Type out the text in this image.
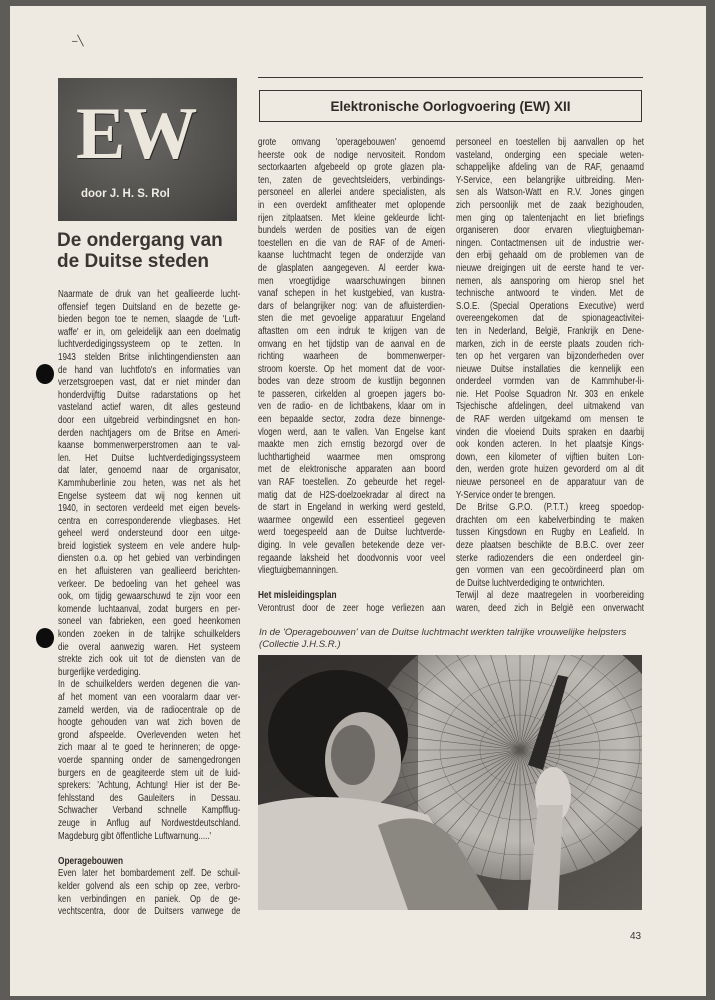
‒╲
EW
door J. H. S. Rol
De ondergang van
de Duitse steden
Elektronische Oorlogvoering (EW) XII
Naarmate de druk van het geallieerde lucht-
offensief tegen Duitsland en de bezette ge-
bieden begon toe te nemen, slaagde de 'Luft-
waffe' er in, om geleidelijk aan een doelmatig
luchtverdedigingssysteem op te zetten. In
1943 stelden Britse inlichtingendiensten aan
de hand van luchtfoto's en informaties van
verzetsgroepen vast, dat er niet minder dan
honderdvijftig Duitse radarstations op het
vasteland actief waren, dit alles gesteund
door een uitgebreid verbindingsnet en hon-
derden nachtjagers om de Britse en Ameri-
kaanse bommenwerperstromen aan te val-
len. Het Duitse luchtverdedigingssysteem
dat later, genoemd naar de organisator,
Kammhuberlinie zou heten, was net als het
Engelse systeem dat wij nog kennen uit
1940, in sectoren verdeeld met eigen bevels-
centra en corresponderende vliegbases. Het
geheel werd ondersteund door een uitge-
breid logistiek systeem en vele andere hulp-
diensten o.a. op het gebied van verbindingen
en het afluisteren van geallieerd berichten-
verkeer. De bedoeling van het geheel was
ook, om tijdig gewaarschuwd te zijn voor een
komende luchtaanval, zodat burgers en per-
soneel van fabrieken, een goed heenkomen
konden zoeken in de talrijke schuilkelders
die overal aanwezig waren. Het systeem
strekte zich ook uit tot de diensten van de
burgerlijke verdediging.
In de schuilkelders werden degenen die van-
af het moment van een vooralarm daar ver-
zameld werden, via de radiocentrale op de
hoogte gehouden van wat zich boven de
grond afspeelde. Overlevenden weten het
zich maar al te goed te herinneren; de opge-
voerde spanning onder de samengedrongen
burgers en de geagiteerde stem uit de luid-
sprekers: 'Achtung, Achtung! Hier ist der Be-
fehlsstand des Gauleiters in Dessau.
Schwacher Verband schnelle Kampfflug-
zeuge in Anflug auf Nordwestdeutschland.
Magdeburg gibt öffentliche Luftwarnung.....'
Operagebouwen
Even later het bombardement zelf. De schuil-
kelder golvend als een schip op zee, verbro-
ken verbindingen en paniek. Op de ge-
vechtscentra, door de Duitsers vanwege de
grote omvang 'operagebouwen' genoemd
heerste ook de nodige nervositeit. Rondom
sectorkaarten afgebeeld op grote glazen pla-
ten, zaten de gevechtsleiders, verbindings-
personeel en allerlei andere specialisten, als
in een overdekt amfitheater met oplopende
rijen zitplaatsen. Met kleine gekleurde licht-
bundels werden de posities van de eigen
toestellen en die van de RAF of de Ameri-
kaanse luchtmacht tegen de onderzijde van
de glasplaten aangegeven. Al eerder kwa-
men vroegtijdige waarschuwingen binnen
vanaf schepen in het kustgebied, van kustra-
dars of belangrijker nog: van de afluisterdien-
sten die met gevoelige apparatuur Engeland
aftastten om een indruk te krijgen van de
omvang en het tijdstip van de aanval en de
richting waarheen de bommenwerper-
stroom koerste. Op het moment dat de voor-
bodes van deze stroom de kustlijn begonnen
te passeren, cirkelden al groepen jagers bo-
ven de radio- en de lichtbakens, klaar om in
een bepaalde sector, zodra deze binnenge-
vlogen werd, aan te vallen. Van Engelse kant
maakte men zich ernstig bezorgd over de
luchthartigheid waarmee men omsprong
met de elektronische apparaten aan boord
van RAF toestellen. Zo gebeurde het regel-
matig dat de H2S-doelzoekradar al direct na
de start in Engeland in werking werd gesteld,
waarmee ongewild een essentieel gegeven
werd toegespeeld aan de Duitse luchtverde-
diging. In vele gevallen betekende deze ver-
regaande laksheid het doodvonnis voor veel
vliegtuigbemanningen.
Het misleidingsplan
Verontrust door de zeer hoge verliezen aan
personeel en toestellen bij aanvallen op het
vasteland, onderging een speciale weten-
schappelijke afdeling van de RAF, genaamd
Y-Service, een belangrijke uitbreiding. Men-
sen als Watson-Watt en R.V. Jones gingen
zich persoonlijk met de zaak bezighouden,
men ging op talentenjacht en liet briefings
organiseren door ervaren vliegtuigbeman-
ningen. Contactmensen uit de industrie wer-
den erbij gehaald om de problemen van de
nieuwe dreigingen uit de eerste hand te ver-
nemen, als aansporing om hierop snel het
technische antwoord te vinden. Met de
S.O.E. (Special Operations Executive) werd
overeengekomen dat de spionageactivitei-
ten in Nederland, België, Frankrijk en Dene-
marken, zich in de eerste plaats zouden rich-
ten op het vergaren van bijzonderheden over
nieuwe Duitse installaties die kennelijk een
onderdeel vormden van de Kammhuber-li-
nie. Het Poolse Squadron Nr. 303 en enkele
Tsjechische afdelingen, deel uitmakend van
de RAF werden uitgekamd om mensen te
vinden die vloeiend Duits spraken en daarbij
ook konden acteren. In het plaatsje Kings-
down, een kilometer of vijftien buiten Lon-
den, werden grote huizen gevorderd om al dit
nieuwe personeel en de apparatuur van de
Y-Service onder te brengen.
De Britse G.P.O. (P.T.T.) kreeg spoedop-
drachten om een kabelverbinding te maken
tussen Kingsdown en Rugby en Leafield. In
deze plaatsen beschikte de B.B.C. over zeer
sterke radiozenders die een onderdeel gin-
gen vormen van een gecoördineerd plan om
de Duitse luchtverdediging te ontwrichten.
Terwijl al deze maatregelen in voorbereiding
waren, deed zich in België een onverwacht
In de 'Operagebouwen' van de Duitse luchtmacht werkten talrijke vrouwelijke helpsters
(Collectie J.H.S.R.)
43
